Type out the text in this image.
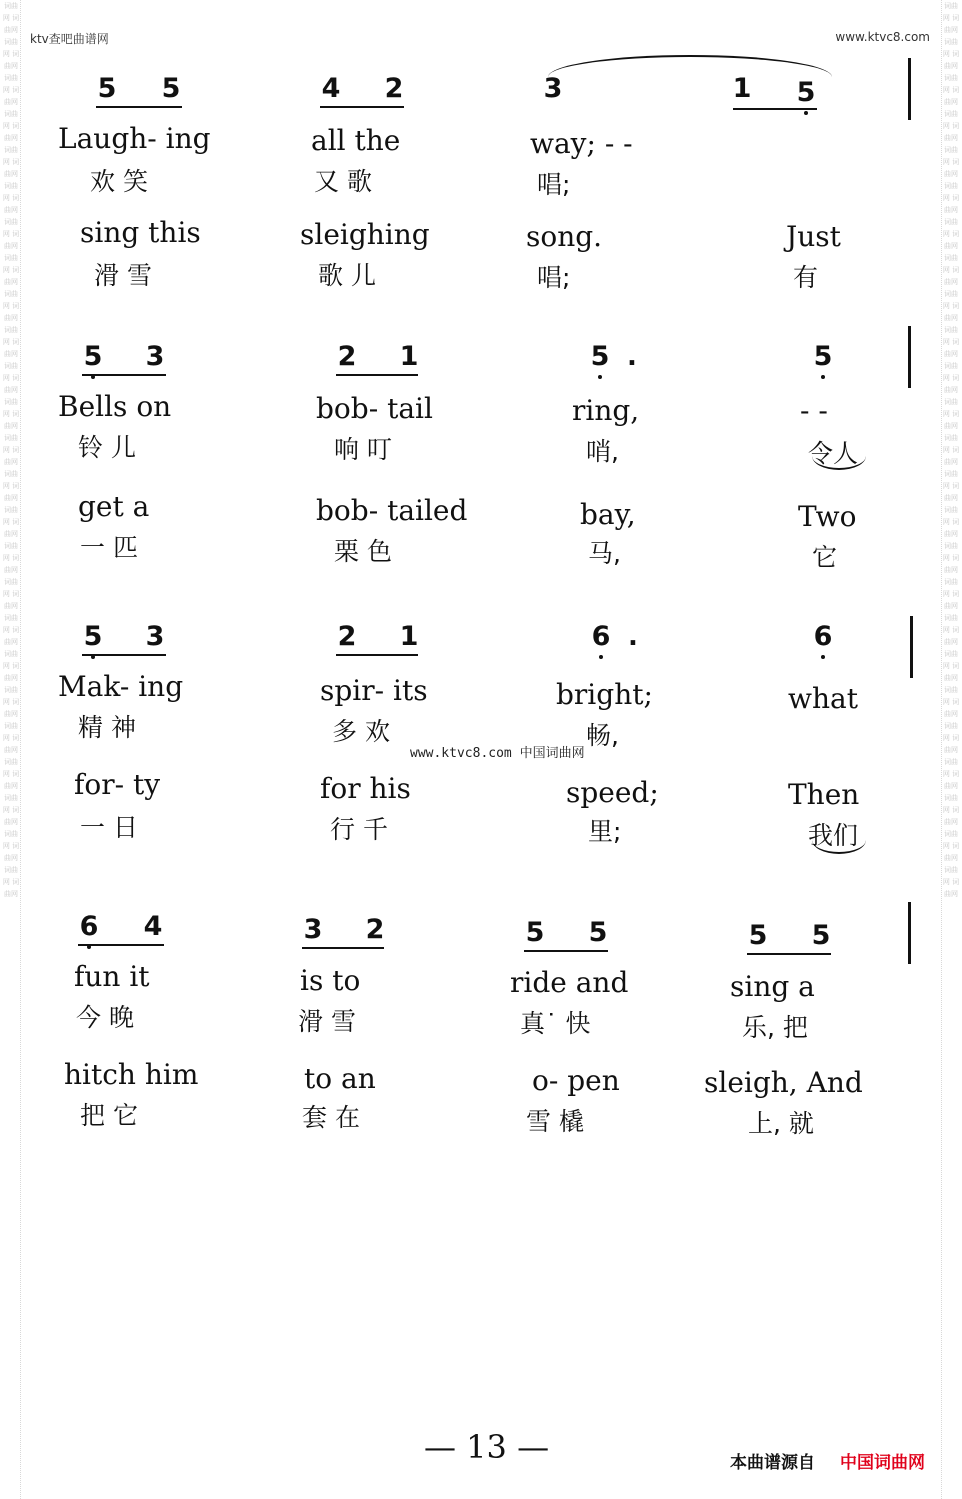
词曲网 词曲网 词曲网 词曲网 词曲网 词曲网 词曲网 词曲网 词曲网 词曲网 词曲网 词曲网 词曲网 词曲网 词曲网 词曲网 词曲网 词曲网 词曲网 词曲网 词曲网 词曲网 词曲网 词曲网 词曲网 词曲网 词曲网 词曲网 词曲网 词曲网 词曲网 词曲网 词曲网 词曲网 词曲网 词曲网 词曲网 词曲网 词曲网 词曲网 词曲网 词曲网 词曲网 词曲网 词曲网 词曲网 词曲网 词曲网 词曲网 词曲网
词曲网 词曲网 词曲网 词曲网 词曲网 词曲网 词曲网 词曲网 词曲网 词曲网 词曲网 词曲网 词曲网 词曲网 词曲网 词曲网 词曲网 词曲网 词曲网 词曲网 词曲网 词曲网 词曲网 词曲网 词曲网 词曲网 词曲网 词曲网 词曲网 词曲网 词曲网 词曲网 词曲网 词曲网 词曲网 词曲网 词曲网 词曲网 词曲网 词曲网 词曲网 词曲网 词曲网 词曲网 词曲网 词曲网 词曲网 词曲网 词曲网 词曲网
ktv查吧曲谱网	www.ktvc8.com
5 5	4 2	3	1 5
Laugh- ing	all the	way; - -
欢 笑	又 歌	唱;
sing this	sleighing	song.	Just
滑 雪	歌 儿	唱;	有
5 3	2 1	5 .	5
Bells on	bob- tail	ring,	- -
铃 儿	响 叮	哨,	令人
get a	bob- tailed	bay,	Two
一 匹	栗 色	马,	它
5 3	2 1	6 .	6
Mak- ing	spir- its	bright;	what
精 神	多 欢	畅,
for- ty	for his	speed;	Then
一 日	行 千	里;	我们
www.ktvc8.com 中国词曲网
6 4	3 2	5 5	5 5
fun it	is to	ride and	sing a
今 晚	滑 雪	真˙ 快	乐, 把
hitch him	to an	o- pen	sleigh, And
把 它	套 在	雪 橇	上, 就
— 13 —	本曲谱源自 中国词曲网
